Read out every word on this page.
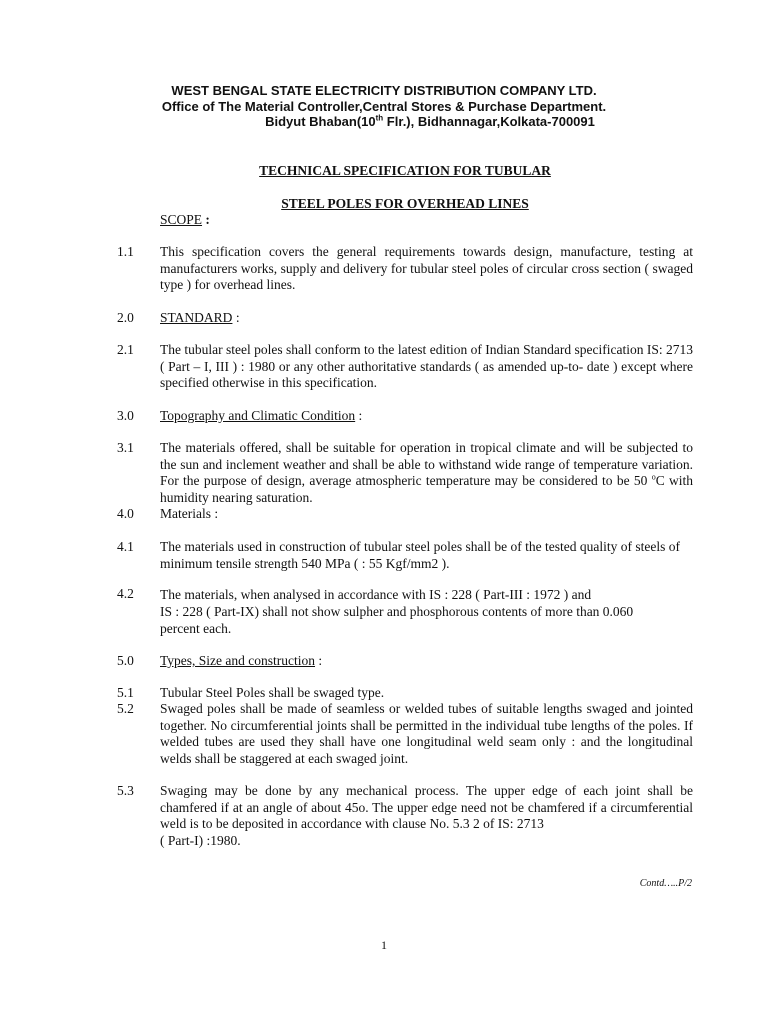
WEST BENGAL STATE ELECTRICITY DISTRIBUTION COMPANY LTD.
Office of The Material Controller,Central Stores & Purchase Department.
Bidyut Bhaban(10th Flr.), Bidhannagar,Kolkata-700091
TECHNICAL SPECIFICATION FOR TUBULAR
STEEL POLES FOR OVERHEAD LINES
SCOPE :
1.1 This specification covers the general requirements towards design, manufacture, testing at manufacturers works, supply and delivery for tubular steel poles of circular cross section ( swaged type ) for overhead lines.
2.0 STANDARD :
2.1 The tubular steel poles shall conform to the latest edition of Indian Standard specification IS: 2713 ( Part – I, III ) : 1980 or any other authoritative standards ( as amended up-to- date ) except where specified otherwise in this specification.
3.0 Topography and Climatic Condition :
3.1 The materials offered, shall be suitable for operation in tropical climate and will be subjected to the sun and inclement weather and shall be able to withstand wide range of temperature variation. For the purpose of design, average atmospheric temperature may be considered to be 50 $^o$C with humidity nearing saturation.
4.0 Materials :
4.1 The materials used in construction of tubular steel poles shall be of the tested quality of steels of minimum tensile strength 540 MPa ( : 55 Kgf/mm2 ).
4.2 The materials, when analysed in accordance with IS : 228 ( Part-III : 1972 ) and
IS : 228 ( Part-IX) shall not show sulpher and phosphorous contents of more than 0.060
percent each.
5.0 Types, Size and construction :
5.1 Tubular Steel Poles shall be swaged type.
5.2 Swaged poles shall be made of seamless or welded tubes of suitable lengths swaged and jointed together. No circumferential joints shall be permitted in the individual tube lengths of the poles. If welded tubes are used they shall have one longitudinal weld seam only : and the longitudinal welds shall be staggered at each swaged joint.
5.3 Swaging may be done by any mechanical process. The upper edge of each joint shall be chamfered if at an angle of about 45o. The upper edge need not be chamfered if a circumferential weld is to be deposited in accordance with clause No. 5.3 2 of IS: 2713
( Part-I) :1980.
Contd…..P/2
1
